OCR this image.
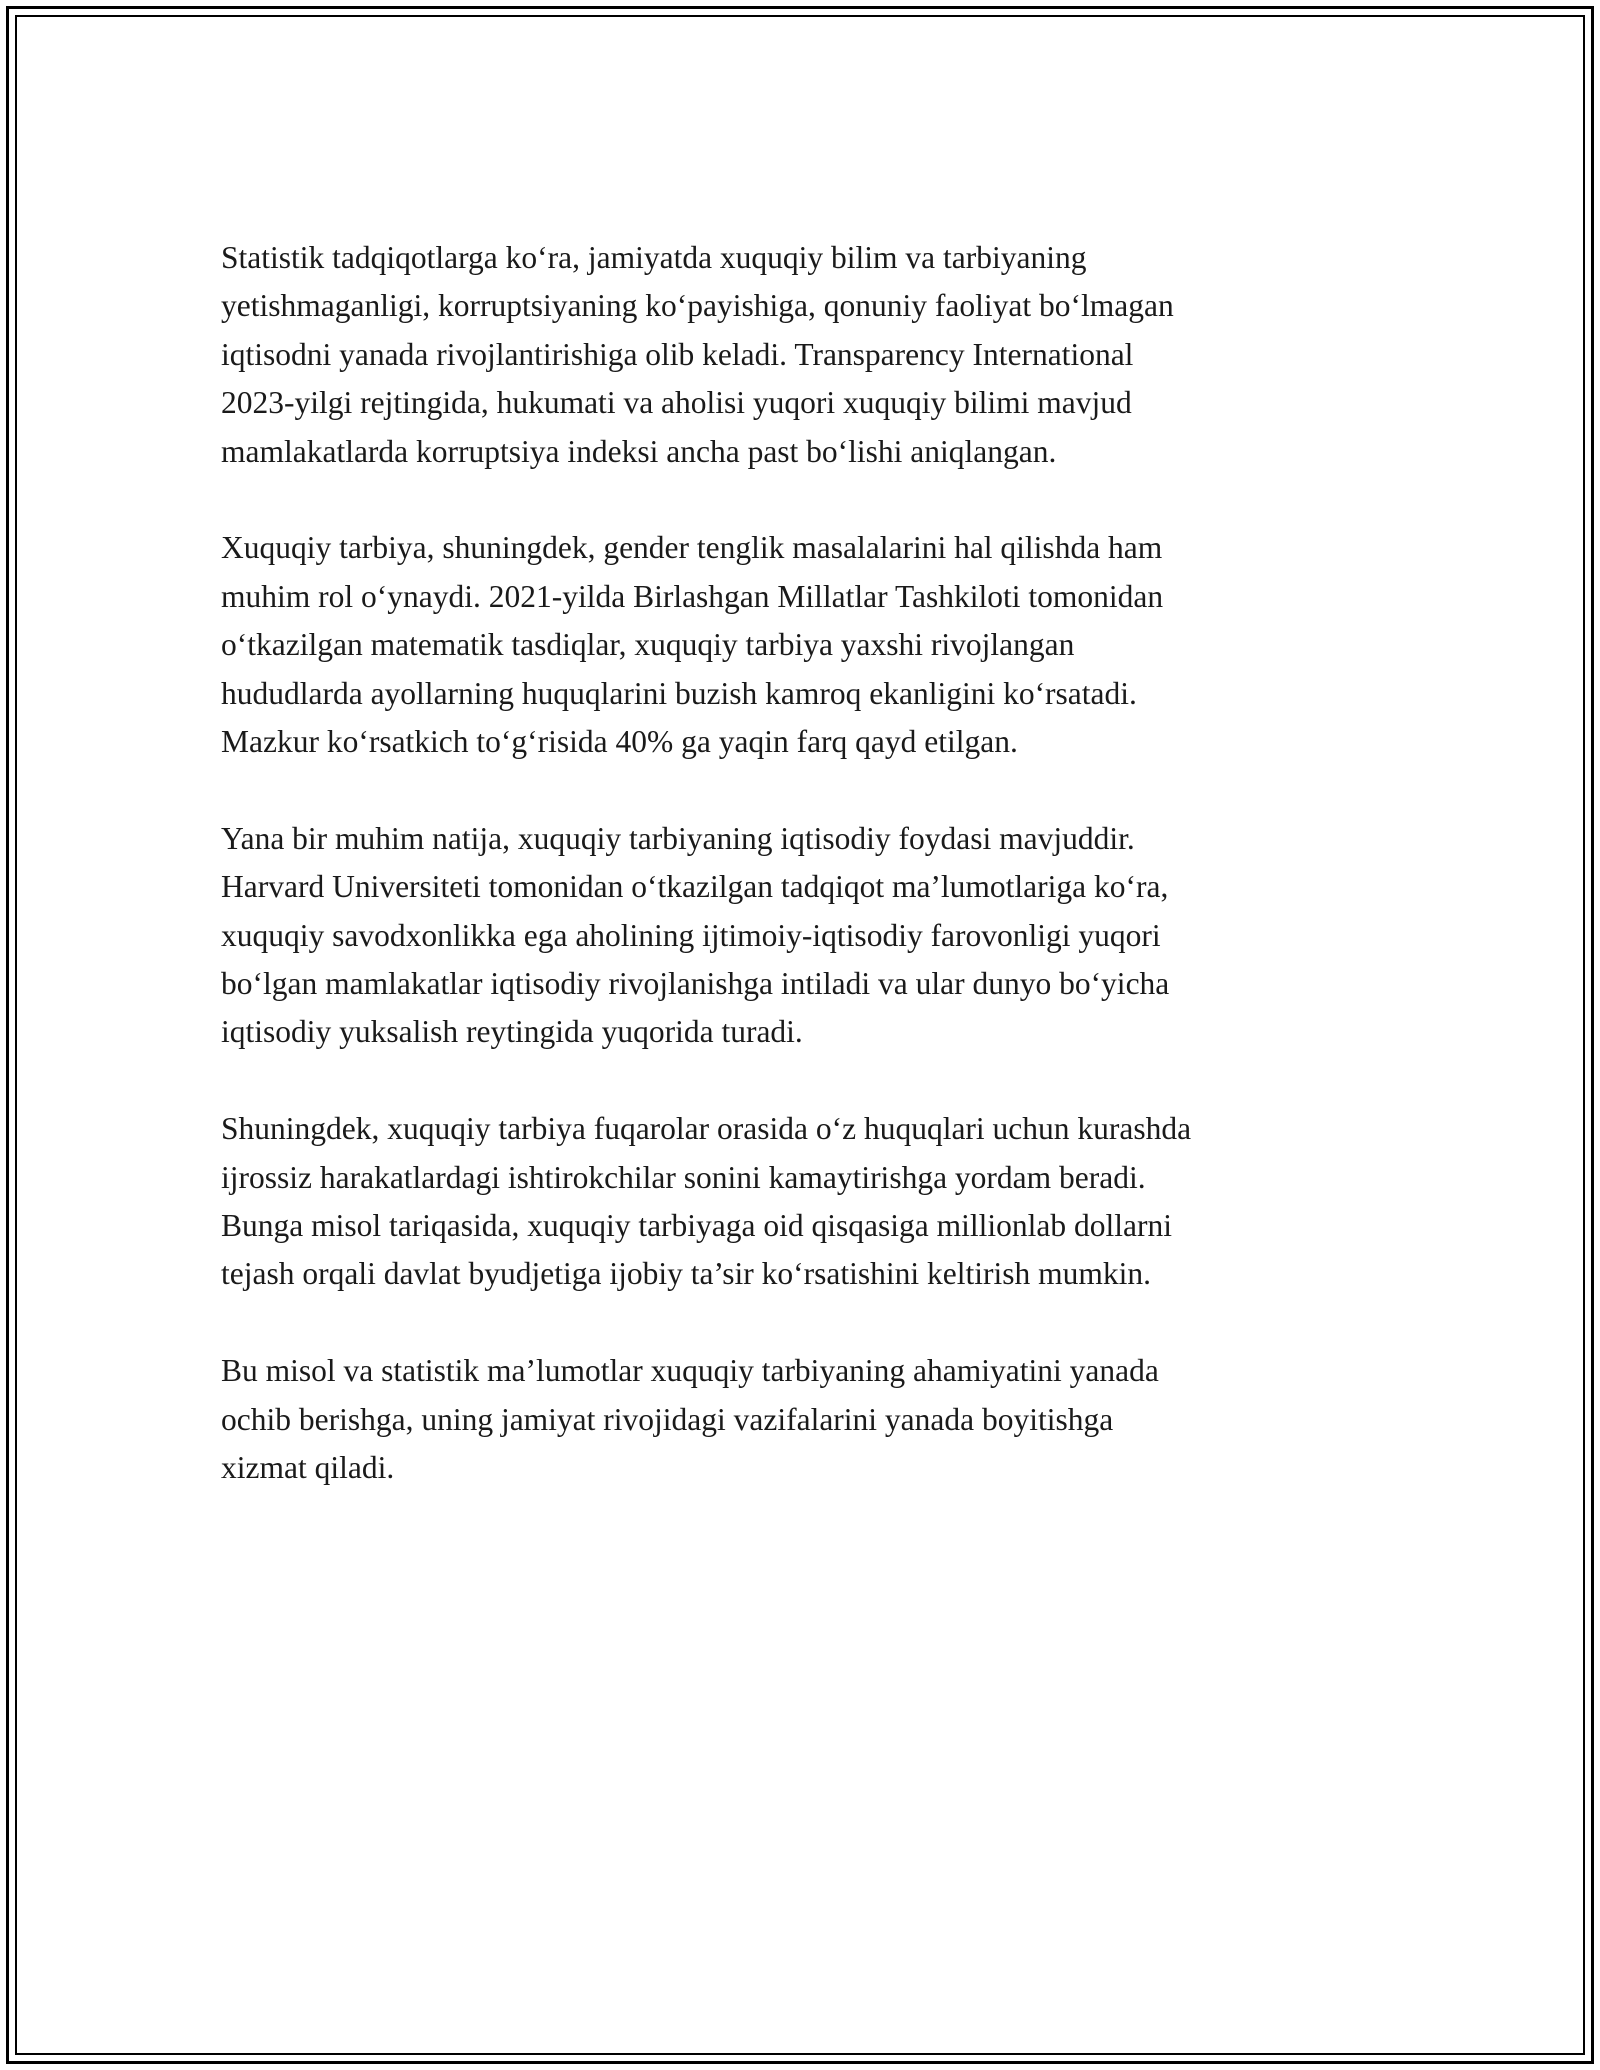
Statistik tadqiqotlarga ko‘ra, jamiyatda xuquqiy bilim va tarbiyaning
yetishmaganligi, korruptsiyaning ko‘payishiga, qonuniy faoliyat bo‘lmagan
iqtisodni yanada rivojlantirishiga olib keladi. Transparency International
2023-yilgi rejtingida, hukumati va aholisi yuqori xuquqiy bilimi mavjud
mamlakatlarda korruptsiya indeksi ancha past bo‘lishi aniqlangan.

Xuquqiy tarbiya, shuningdek, gender tenglik masalalarini hal qilishda ham
muhim rol o‘ynaydi. 2021-yilda Birlashgan Millatlar Tashkiloti tomonidan
o‘tkazilgan matematik tasdiqlar, xuquqiy tarbiya yaxshi rivojlangan
hududlarda ayollarning huquqlarini buzish kamroq ekanligini ko‘rsatadi.
Mazkur ko‘rsatkich to‘g‘risida 40% ga yaqin farq qayd etilgan.

Yana bir muhim natija, xuquqiy tarbiyaning iqtisodiy foydasi mavjuddir.
Harvard Universiteti tomonidan o‘tkazilgan tadqiqot ma’lumotlariga ko‘ra,
xuquqiy savodxonlikka ega aholining ijtimoiy-iqtisodiy farovonligi yuqori
bo‘lgan mamlakatlar iqtisodiy rivojlanishga intiladi va ular dunyo bo‘yicha
iqtisodiy yuksalish reytingida yuqorida turadi.

Shuningdek, xuquqiy tarbiya fuqarolar orasida o‘z huquqlari uchun kurashda
ijrossiz harakatlardagi ishtirokchilar sonini kamaytirishga yordam beradi.
Bunga misol tariqasida, xuquqiy tarbiyaga oid qisqasiga millionlab dollarni
tejash orqali davlat byudjetiga ijobiy ta’sir ko‘rsatishini keltirish mumkin.

Bu misol va statistik ma’lumotlar xuquqiy tarbiyaning ahamiyatini yanada
ochib berishga, uning jamiyat rivojidagi vazifalarini yanada boyitishga
xizmat qiladi.
